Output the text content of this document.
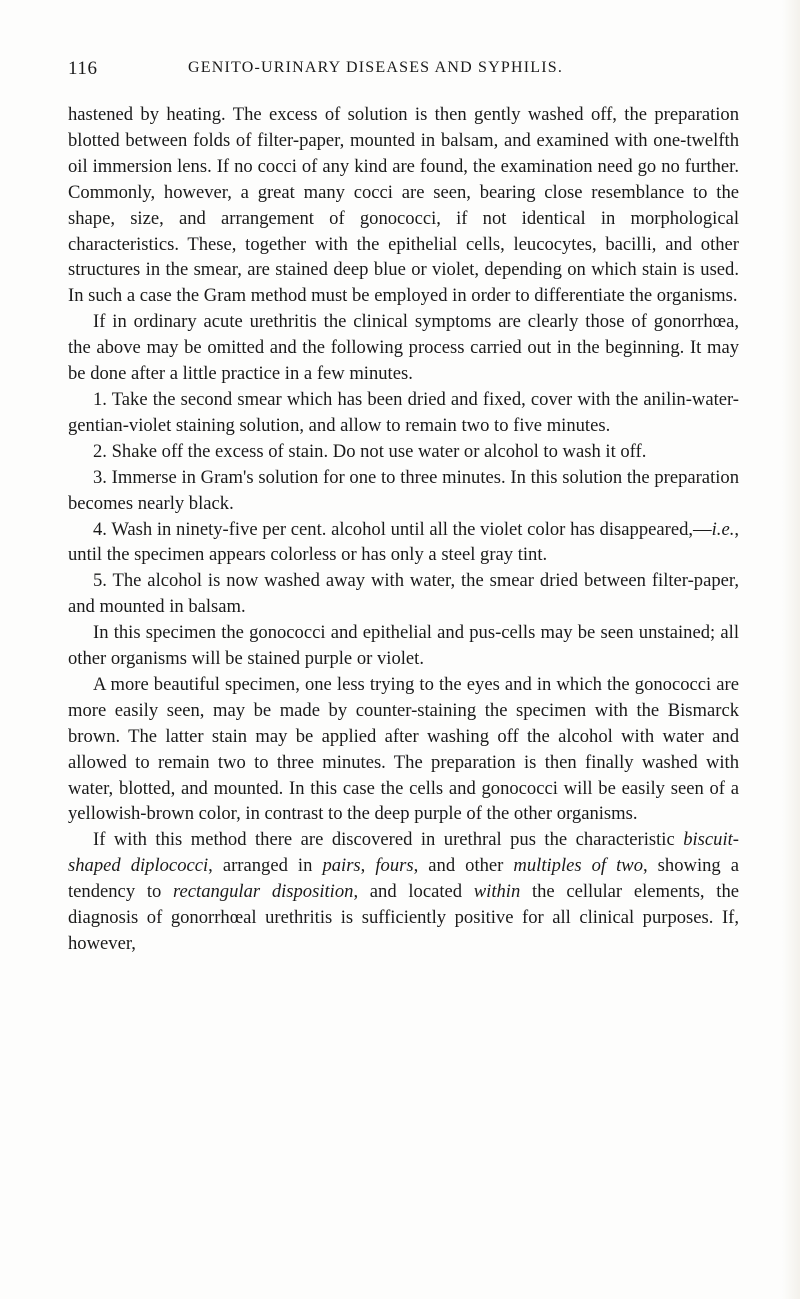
116	GENITO-URINARY DISEASES AND SYPHILIS.

hastened by heating. The excess of solution is then gently washed off, the preparation blotted between folds of filter-paper, mounted in balsam, and examined with one-twelfth oil immersion lens. If no cocci of any kind are found, the examination need go no further. Commonly, however, a great many cocci are seen, bearing close resemblance to the shape, size, and arrangement of gonococci, if not identical in morphological characteristics. These, together with the epithelial cells, leucocytes, bacilli, and other structures in the smear, are stained deep blue or violet, depending on which stain is used. In such a case the Gram method must be employed in order to differentiate the organisms.

If in ordinary acute urethritis the clinical symptoms are clearly those of gonorrhœa, the above may be omitted and the following process carried out in the beginning. It may be done after a little practice in a few minutes.

1. Take the second smear which has been dried and fixed, cover with the anilin-water-gentian-violet staining solution, and allow to remain two to five minutes.

2. Shake off the excess of stain. Do not use water or alcohol to wash it off.

3. Immerse in Gram's solution for one to three minutes. In this solution the preparation becomes nearly black.

4. Wash in ninety-five per cent. alcohol until all the violet color has disappeared,—i.e., until the specimen appears colorless or has only a steel gray tint.

5. The alcohol is now washed away with water, the smear dried between filter-paper, and mounted in balsam.

In this specimen the gonococci and epithelial and pus-cells may be seen unstained; all other organisms will be stained purple or violet.

A more beautiful specimen, one less trying to the eyes and in which the gonococci are more easily seen, may be made by counter-staining the specimen with the Bismarck brown. The latter stain may be applied after washing off the alcohol with water and allowed to remain two to three minutes. The preparation is then finally washed with water, blotted, and mounted. In this case the cells and gonococci will be easily seen of a yellowish-brown color, in contrast to the deep purple of the other organisms.

If with this method there are discovered in urethral pus the characteristic biscuit-shaped diplococci, arranged in pairs, fours, and other multiples of two, showing a tendency to rectangular disposition, and located within the cellular elements, the diagnosis of gonorrhœal urethritis is sufficiently positive for all clinical purposes. If, however,
